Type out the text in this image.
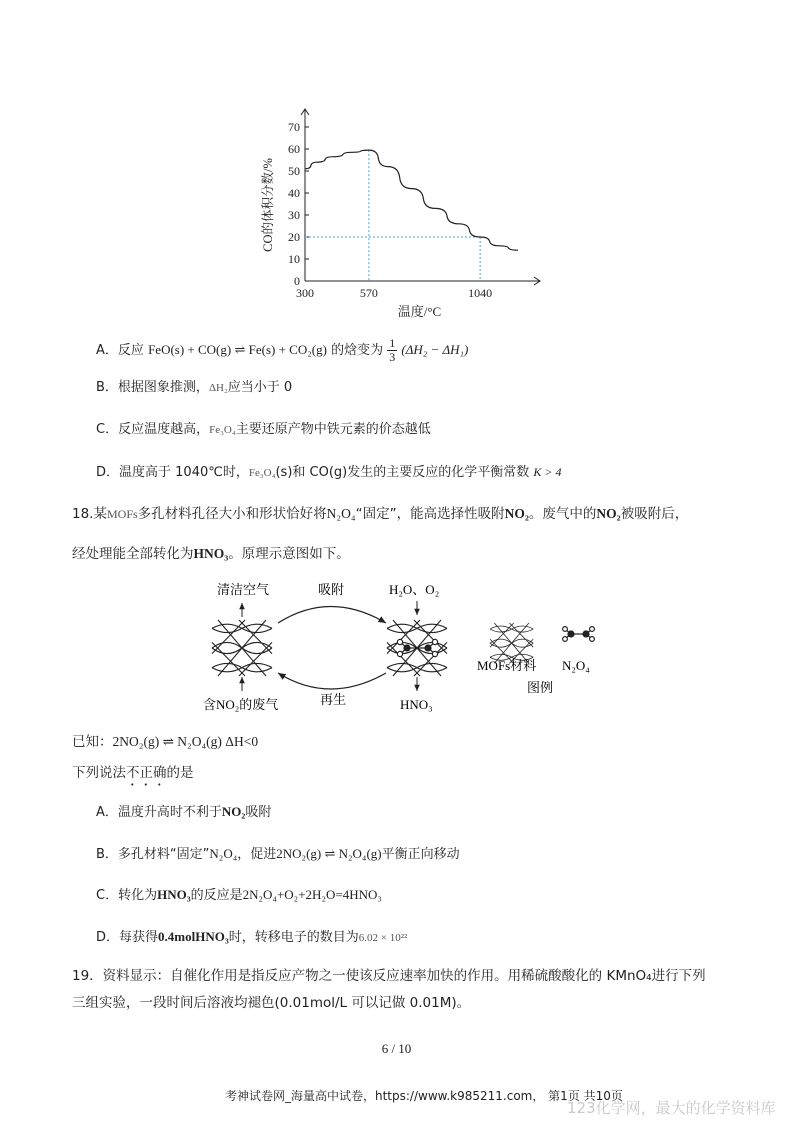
0
10
20
30
40
50
60
70
300	570	1040
CO的体积分数/%
温度/°C
A．反应 FeO(s) + CO(g) ⇌ Fe(s) + CO₂(g) 的焓变为 $\frac{1}{3} (\Delta H_2 - \Delta H_1)$
B．根据图象推测，ΔH₂应当小于 0
C．反应温度越高，Fe₃O₄主要还原产物中铁元素的价态越低
D．温度高于 1040℃时，Fe₃O₄(s)和 CO(g)发生的主要反应的化学平衡常数 K > 4
18.某MOFs多孔材料孔径大小和形状恰好将N₂O₄“固定”，能高选择性吸附NO₂。废气中的NO₂被吸附后，
经处理能全部转化为HNO₃。原理示意图如下。
清洁空气	吸附	H₂O、O₂
含NO₂的废气	再生	HNO₃
MOFs材料 N₂O₄
图例
已知：2NO₂(g) ⇌ N₂O₄(g) ΔH<0
下列说法不正确的是
A．温度升高时不利于NO₂吸附
B．多孔材料“固定”N₂O₄，促进2NO₂(g) ⇌ N₂O₄(g)平衡正向移动
C．转化为HNO₃的反应是2N₂O₄+O₂+2H₂O=4HNO₃
D．每获得0.4molHNO₃时，转移电子的数目为6.02 × 10²²
19．资料显示：自催化作用是指反应产物之一使该反应速率加快的作用。用稀硫酸酸化的 KMnO₄进行下列
三组实验，一段时间后溶液均褪色(0.01mol/L 可以记做 0.01M)。
6 / 10
考神试卷网_海量高中试卷，https://www.k985211.com， 第1页 共10页
123化学网，最大的化学资料库
